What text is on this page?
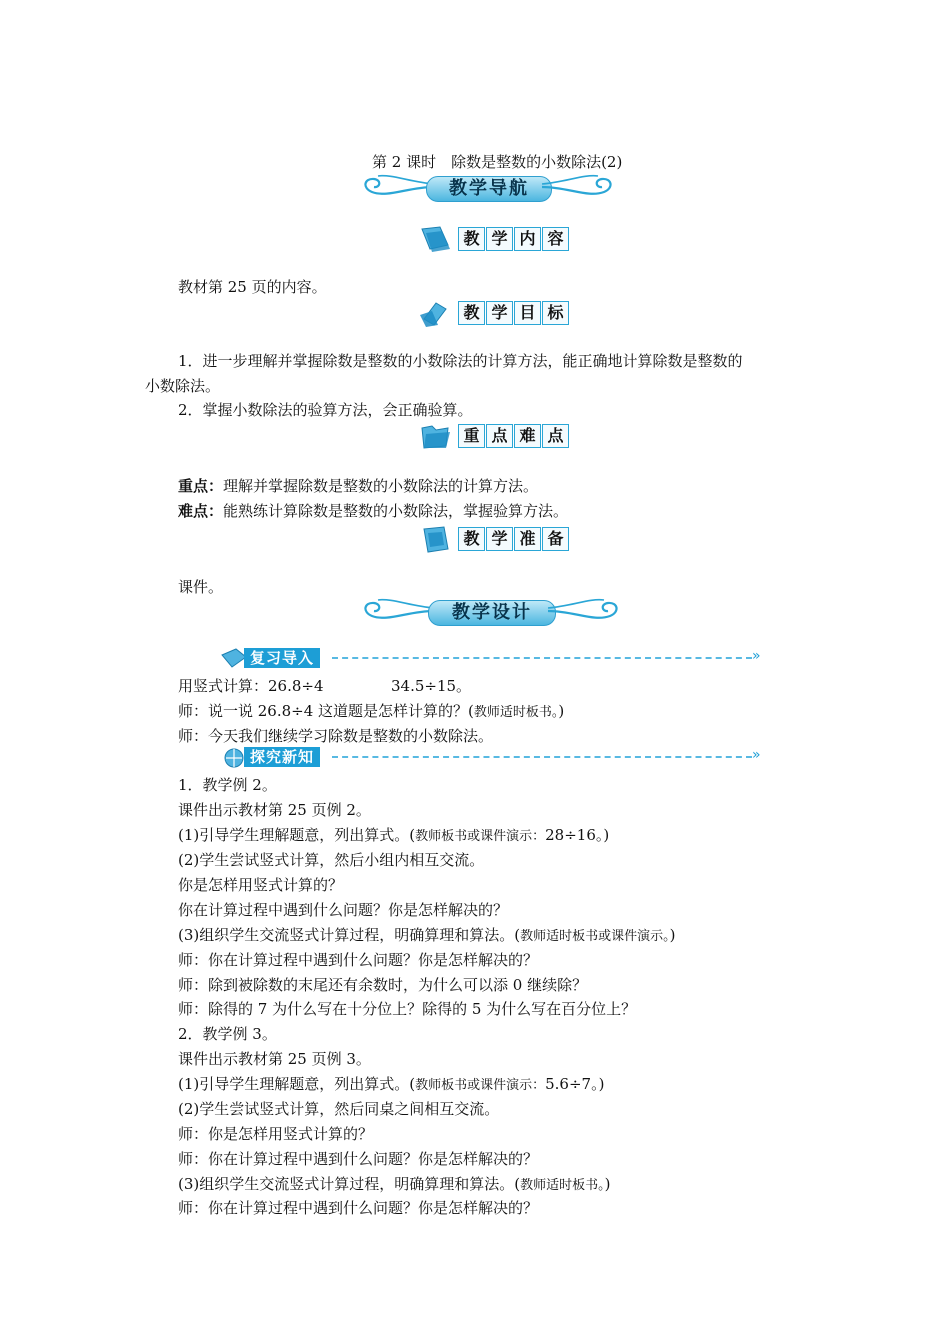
第 2 课时　除数是整数的小数除法(2)
教学导航
教 学 内 容
教材第 25 页的内容。
教 学 目 标
1．进一步理解并掌握除数是整数的小数除法的计算方法，能正确地计算除数是整数的
小数除法。
2．掌握小数除法的验算方法，会正确验算。
重 点 难 点
重点：理解并掌握除数是整数的小数除法的计算方法。
难点：能熟练计算除数是整数的小数除法，掌握验算方法。
教 学 准 备
课件。
教学设计
复习导入	»
用竖式计算：26.8÷4	34.5÷15。
师：说一说 26.8÷4 这道题是怎样计算的？(教师适时板书。)
师：今天我们继续学习除数是整数的小数除法。
探究新知	»
1．教学例 2。
课件出示教材第 25 页例 2。
(1)引导学生理解题意，列出算式。(教师板书或课件演示：28÷16。)
(2)学生尝试竖式计算，然后小组内相互交流。
你是怎样用竖式计算的？
你在计算过程中遇到什么问题？你是怎样解决的？
(3)组织学生交流竖式计算过程，明确算理和算法。(教师适时板书或课件演示。)
师：你在计算过程中遇到什么问题？你是怎样解决的？
师：除到被除数的末尾还有余数时，为什么可以添 0 继续除？
师：除得的 7 为什么写在十分位上？除得的 5 为什么写在百分位上？
2．教学例 3。
课件出示教材第 25 页例 3。
(1)引导学生理解题意，列出算式。(教师板书或课件演示：5.6÷7。)
(2)学生尝试竖式计算，然后同桌之间相互交流。
师：你是怎样用竖式计算的？
师：你在计算过程中遇到什么问题？你是怎样解决的？
(3)组织学生交流竖式计算过程，明确算理和算法。(教师适时板书。)
师：你在计算过程中遇到什么问题？你是怎样解决的？
